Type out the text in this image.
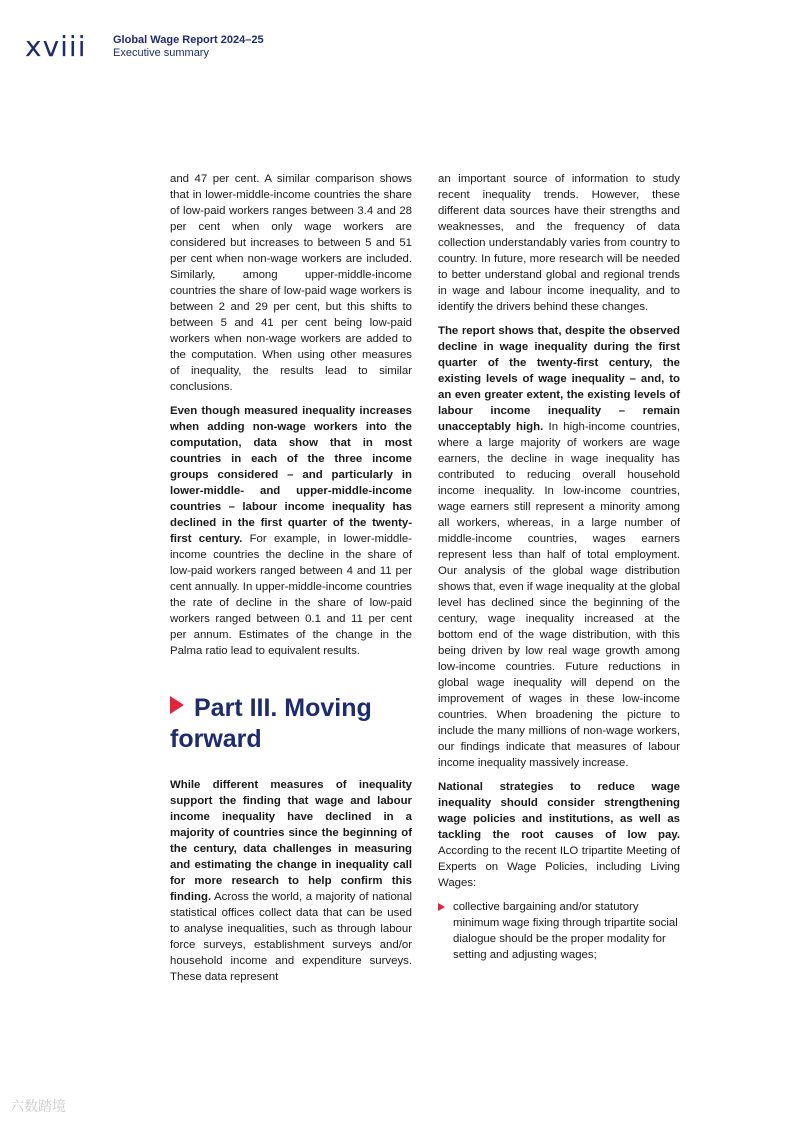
xviii Global Wage Report 2024–25
Executive summary

and 47 per cent. A similar comparison shows that in lower-middle-income countries the share of low-paid workers ranges between 3.4 and 28 per cent when only wage workers are considered but increases to between 5 and 51 per cent when non-wage workers are included. Similarly, among upper-middle-income countries the share of low-paid wage workers is between 2 and 29 per cent, but this shifts to between 5 and 41 per cent being low-paid workers when non-wage workers are added to the computation. When using other measures of inequality, the results lead to similar conclusions.

Even though measured inequality increases when adding non-wage workers into the computation, data show that in most countries in each of the three income groups considered – and particularly in lower-middle- and upper-middle-income countries – labour income inequality has declined in the first quarter of the twenty-first century. For example, in lower-middle-income countries the decline in the share of low-paid workers ranged between 4 and 11 per cent annually. In upper-middle-income countries the rate of decline in the share of low-paid workers ranged between 0.1 and 11 per cent per annum. Estimates of the change in the Palma ratio lead to equivalent results.

Part III. Moving forward

While different measures of inequality support the finding that wage and labour income inequality have declined in a majority of countries since the beginning of the century, data challenges in measuring and estimating the change in inequality call for more research to help confirm this finding. Across the world, a majority of national statistical offices collect data that can be used to analyse inequalities, such as through labour force surveys, establishment surveys and/or household income and expenditure surveys. These data represent

an important source of information to study recent inequality trends. However, these different data sources have their strengths and weaknesses, and the frequency of data collection understandably varies from country to country. In future, more research will be needed to better understand global and regional trends in wage and labour income inequality, and to identify the drivers behind these changes.

The report shows that, despite the observed decline in wage inequality during the first quarter of the twenty-first century, the existing levels of wage inequality – and, to an even greater extent, the existing levels of labour income inequality – remain unacceptably high. In high-income countries, where a large majority of workers are wage earners, the decline in wage inequality has contributed to reducing overall household income inequality. In low-income countries, wage earners still represent a minority among all workers, whereas, in a large number of middle-income countries, wages earners represent less than half of total employment. Our analysis of the global wage distribution shows that, even if wage inequality at the global level has declined since the beginning of the century, wage inequality increased at the bottom end of the wage distribution, with this being driven by low real wage growth among low-income countries. Future reductions in global wage inequality will depend on the improvement of wages in these low-income countries. When broadening the picture to include the many millions of non-wage workers, our findings indicate that measures of labour income inequality massively increase.

National strategies to reduce wage inequality should consider strengthening wage policies and institutions, as well as tackling the root causes of low pay. According to the recent ILO tripartite Meeting of Experts on Wage Policies, including Living Wages:

collective bargaining and/or statutory minimum wage fixing through tripartite social dialogue should be the proper modality for setting and adjusting wages;
六数踏境
